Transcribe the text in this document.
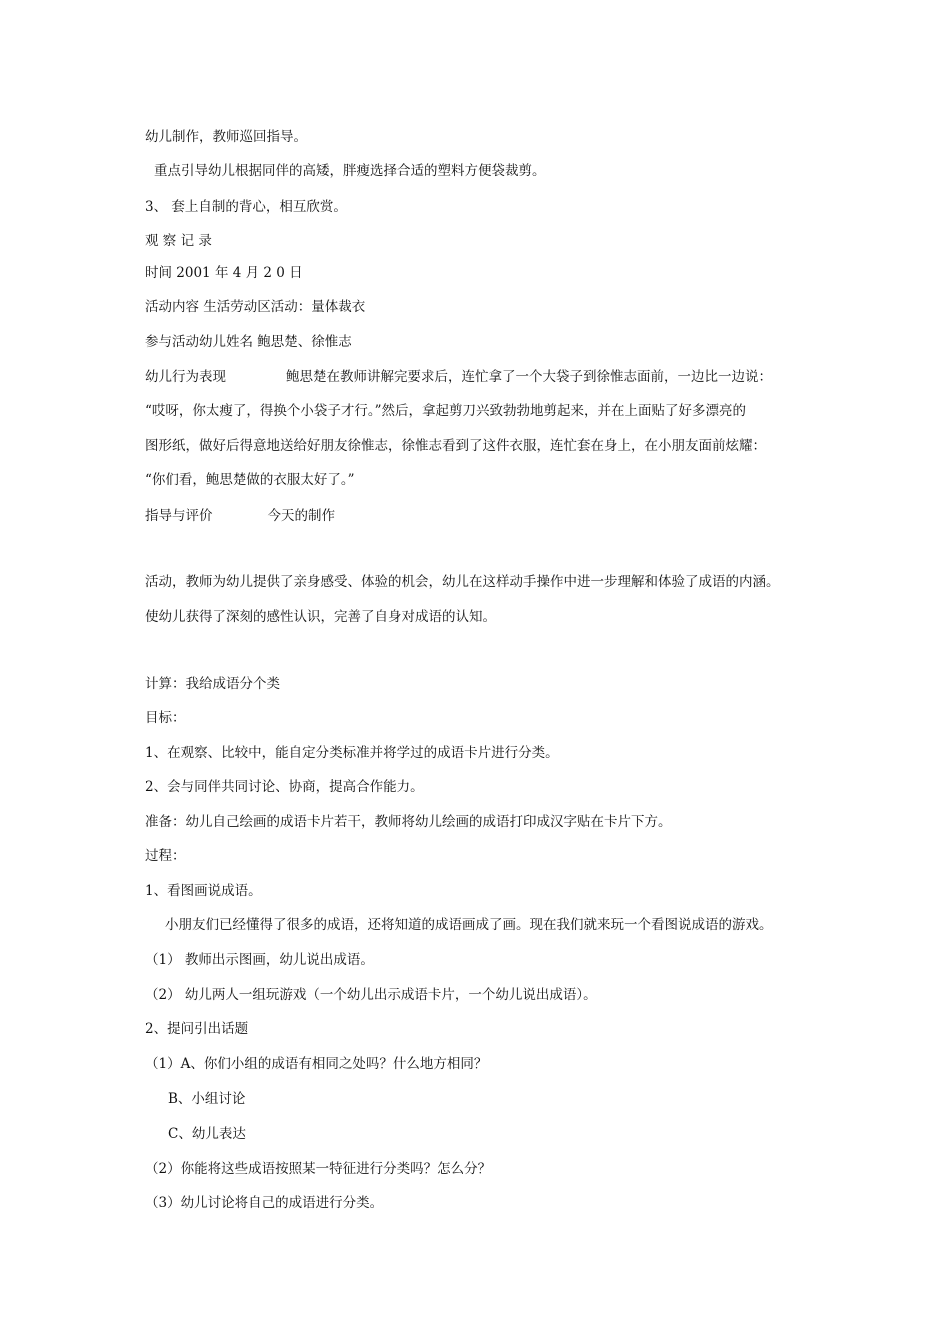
幼儿制作，教师巡回指导。
重点引导幼儿根据同伴的高矮，胖瘦选择合适的塑料方便袋裁剪。
3、 套上自制的背心，相互欣赏。
观 察 记 录
时间 2001 年 4 月 2 0 日
活动内容 生活劳动区活动：量体裁衣
参与活动幼儿姓名 鲍思楚、徐惟志
幼儿行为表现	鲍思楚在教师讲解完要求后，连忙拿了一个大袋子到徐惟志面前，一边比一边说：
“哎呀，你太瘦了，得换个小袋子才行。”然后，拿起剪刀兴致勃勃地剪起来，并在上面贴了好多漂亮的
图形纸，做好后得意地送给好朋友徐惟志，徐惟志看到了这件衣服，连忙套在身上，在小朋友面前炫耀：
“你们看，鲍思楚做的衣服太好了。”
指导与评价	今天的制作
活动，教师为幼儿提供了亲身感受、体验的机会，幼儿在这样动手操作中进一步理解和体验了成语的内涵。
使幼儿获得了深刻的感性认识，完善了自身对成语的认知。
计算：我给成语分个类
目标：
1、在观察、比较中，能自定分类标准并将学过的成语卡片进行分类。
2、会与同伴共同讨论、协商，提高合作能力。
准备：幼儿自己绘画的成语卡片若干，教师将幼儿绘画的成语打印成汉字贴在卡片下方。
过程：
1、看图画说成语。
小朋友们已经懂得了很多的成语，还将知道的成语画成了画。现在我们就来玩一个看图说成语的游戏。
（1） 教师出示图画，幼儿说出成语。
（2） 幼儿两人一组玩游戏（一个幼儿出示成语卡片，一个幼儿说出成语）。
2、提问引出话题
（1）A、你们小组的成语有相同之处吗？什么地方相同？
B、小组讨论
C、幼儿表达
（2）你能将这些成语按照某一特征进行分类吗？怎么分？
（3）幼儿讨论将自己的成语进行分类。
